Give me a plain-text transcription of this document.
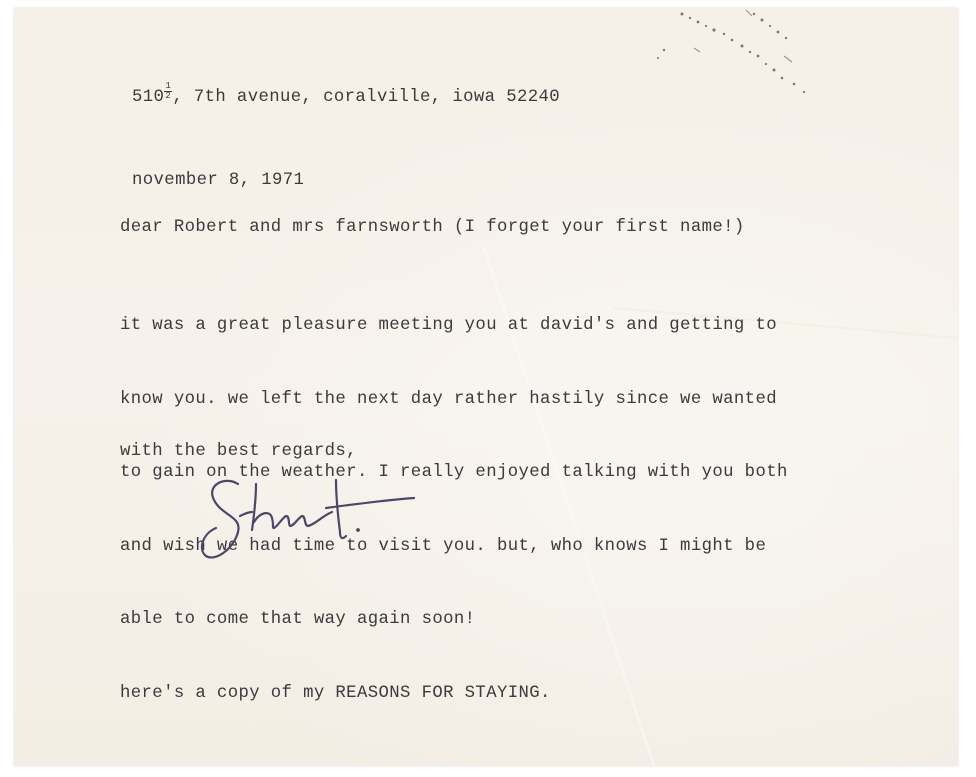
$510 \frac{1}{2}$ , 7th avenue, coralville, iowa 52240

november 8, 1971

dear Robert and mrs farnsworth (I forget your first name!)

it was a great pleasure meeting you at david's and getting to

know you. we left the next day rather hastily since we wanted

to gain on the weather. I really enjoyed talking with you both

and wish we had time to visit you. but, who knows I might be

able to come that way again soon!

here's a copy of my REASONS FOR STAYING.

with the best regards,
